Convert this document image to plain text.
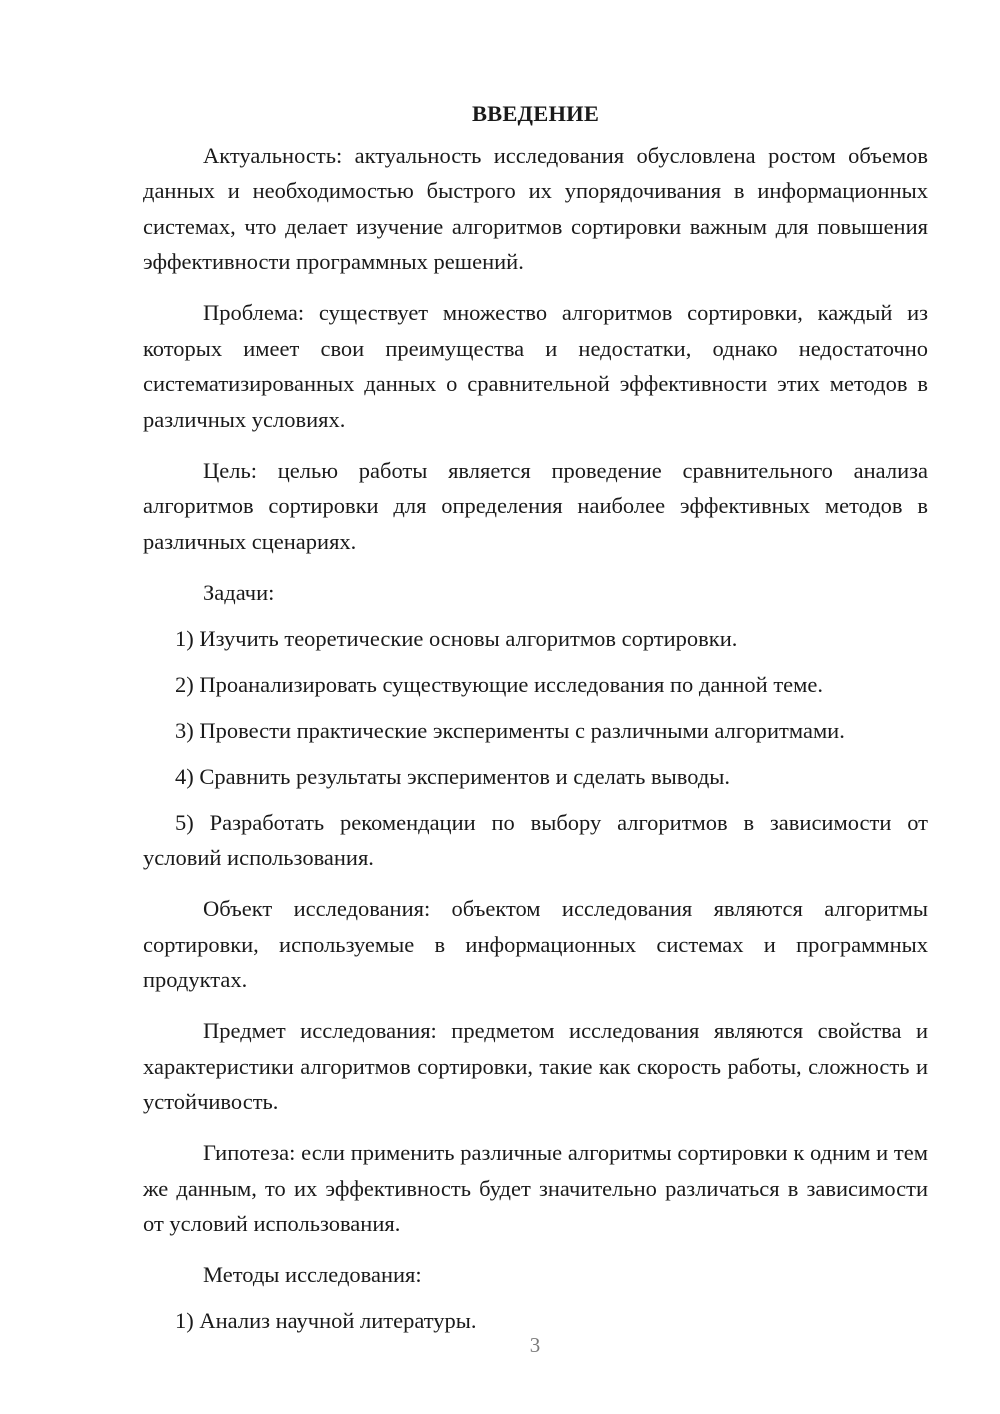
ВВЕДЕНИЕ

Актуальность: актуальность исследования обусловлена ростом объемов данных и необходимостью быстрого их упорядочивания в информационных системах, что делает изучение алгоритмов сортировки важным для повышения эффективности программных решений.

Проблема: существует множество алгоритмов сортировки, каждый из которых имеет свои преимущества и недостатки, однако недостаточно систематизированных данных о сравнительной эффективности этих методов в различных условиях.

Цель: целью работы является проведение сравнительного анализа алгоритмов сортировки для определения наиболее эффективных методов в различных сценариях.

Задачи:

1) Изучить теоретические основы алгоритмов сортировки.

2) Проанализировать существующие исследования по данной теме.

3) Провести практические эксперименты с различными алгоритмами.

4) Сравнить результаты экспериментов и сделать выводы.

5) Разработать рекомендации по выбору алгоритмов в зависимости от условий использования.

Объект исследования: объектом исследования являются алгоритмы сортировки, используемые в информационных системах и программных продуктах.

Предмет исследования: предметом исследования являются свойства и характеристики алгоритмов сортировки, такие как скорость работы, сложность и устойчивость.

Гипотеза: если применить различные алгоритмы сортировки к одним и тем же данным, то их эффективность будет значительно различаться в зависимости от условий использования.

Методы исследования:

1) Анализ научной литературы.

3
